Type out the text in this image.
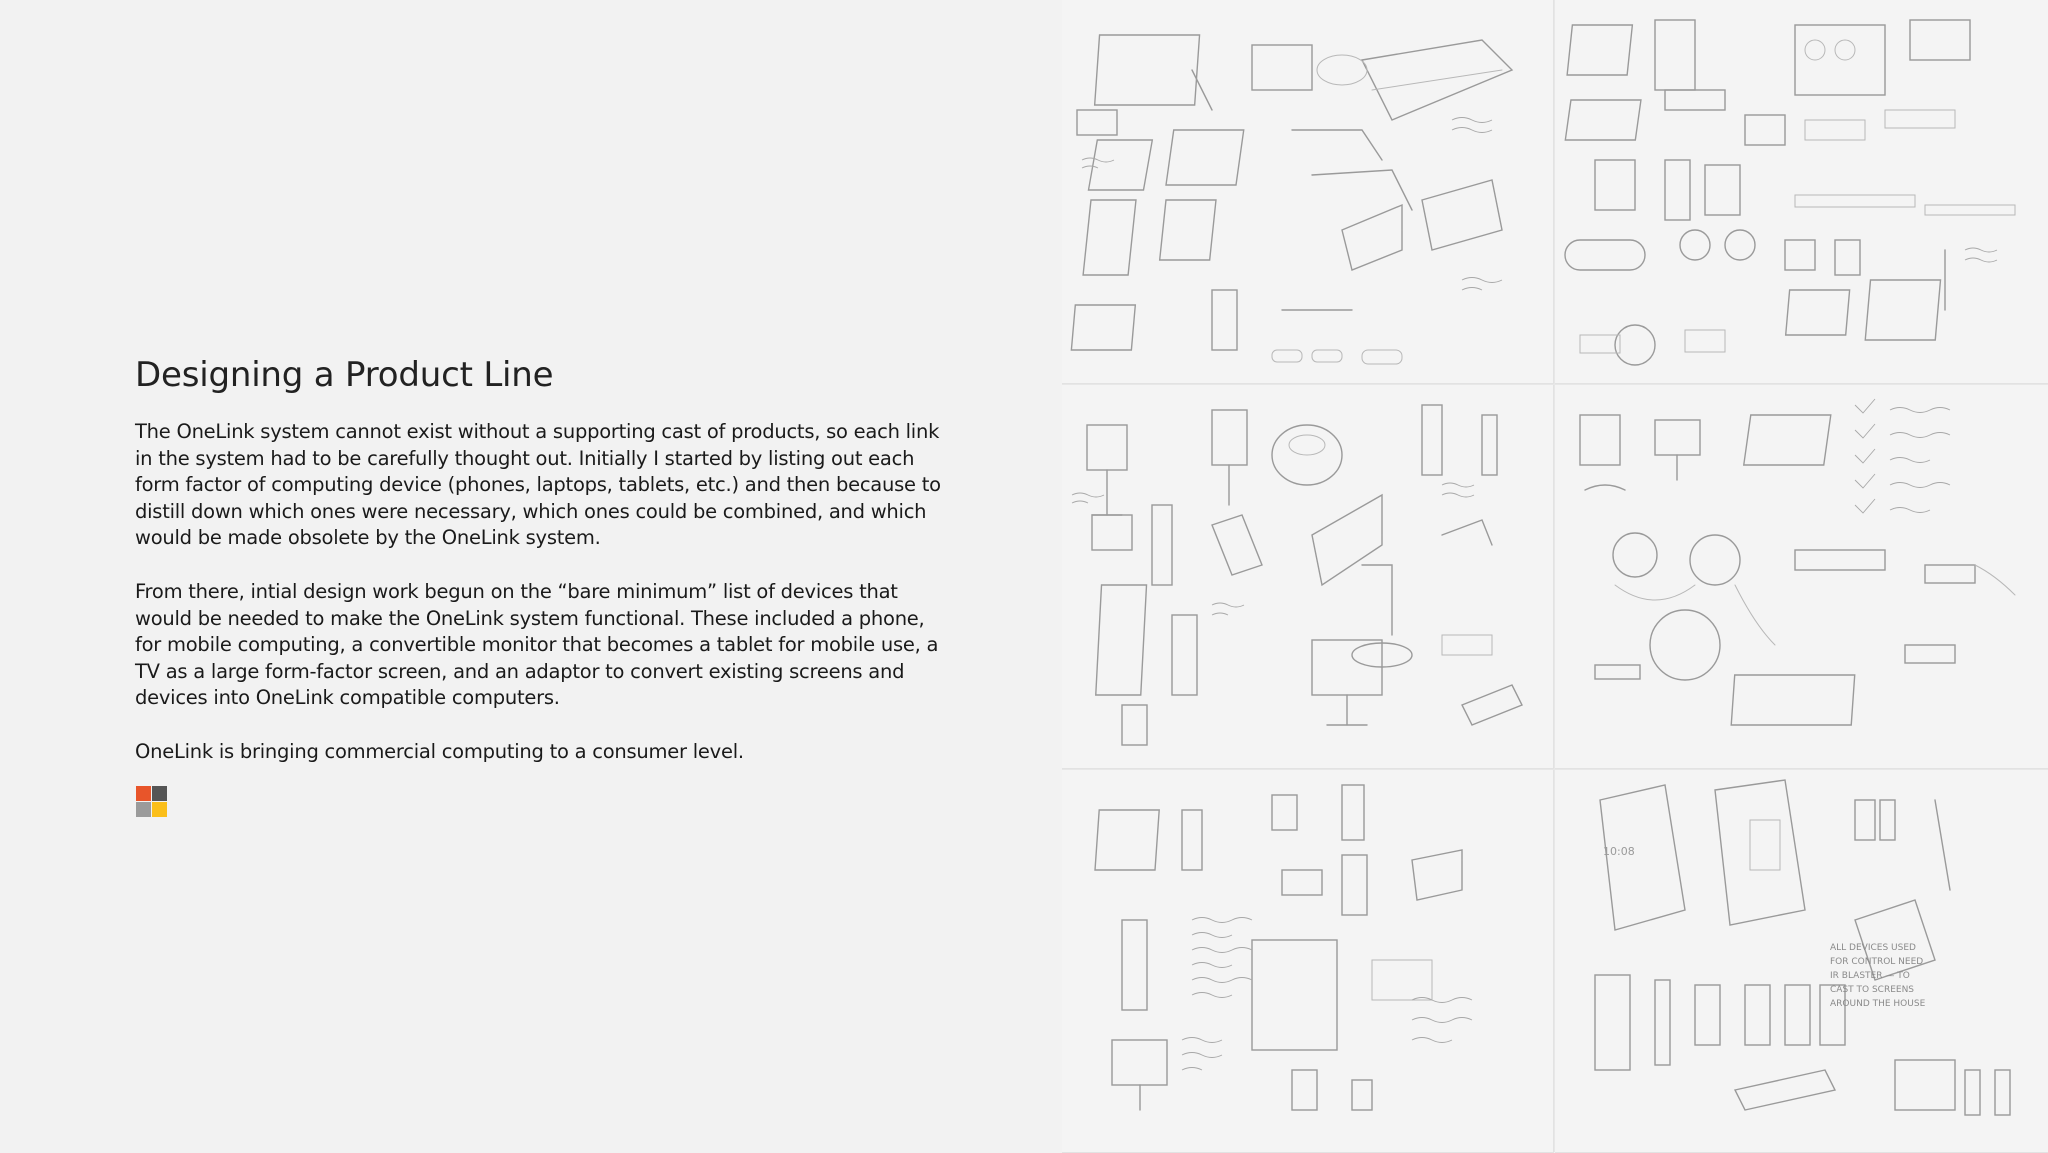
Designing a Product Line

The OneLink system cannot exist without a supporting cast of products, so each link in the system had to be carefully thought out. Initially I started by listing out each form factor of computing device (phones, laptops, tablets, etc.) and then because to distill down which ones were necessary, which ones could be combined, and which would be made obsolete by the OneLink system.

From there, intial design work begun on the “bare minimum” list of devices that would be needed to make the OneLink system functional. These included a phone, for mobile computing, a convertible monitor that becomes a tablet for mobile use, a TV as a large form-factor screen, and an adaptor to convert existing screens and devices into OneLink compatible computers.

OneLink is bringing commercial computing to a consumer level.

10:08
ALL DEVICES USED FOR CONTROL NEED IR BLASTER — TO CAST TO SCREENS AROUND THE HOUSE
